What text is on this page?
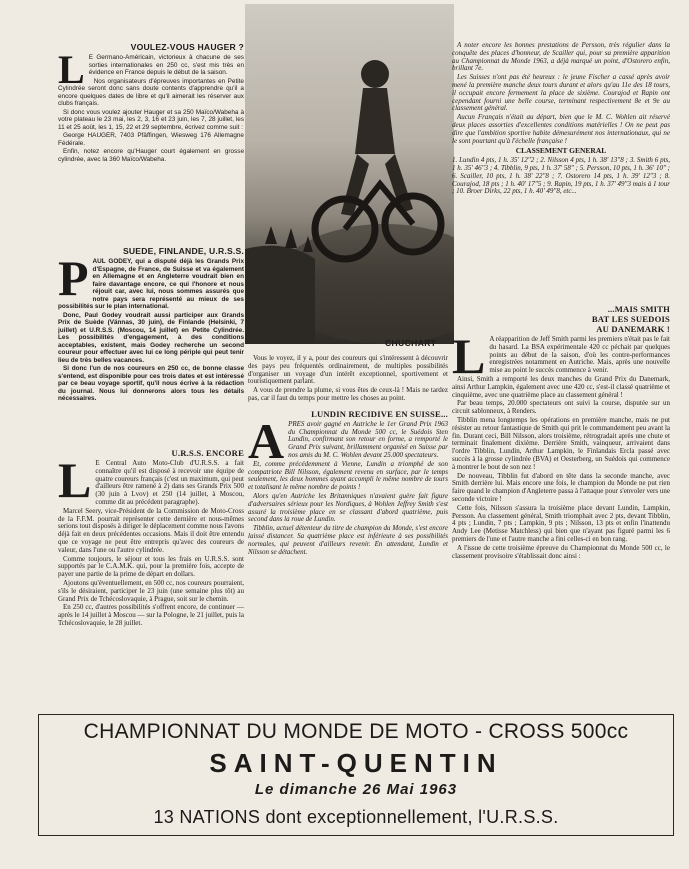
VOULEZ-VOUS HAUGER ?
L E Germano-Américain, victorieux à chacune de ses sorties internationales en 250 cc, s'est mis très en évidence en France depuis le début de la saison.

Nos organisateurs d'épreuves importantes en Petite Cylindrée seront donc sans doute contents d'apprendre qu'il a encore quelques dates de libre et qu'il aimerait les réserver aux clubs français.

Si donc vous voulez ajouter Hauger et sa 250 Maïco/Wabeha à votre plateau le 23 mai, les 2, 3, 16 et 23 juin, les 7, 28 juillet, les 11 et 25 août, les 1, 15, 22 et 29 septembre, écrivez comme suit :

George HAUGER, 7403 Pfäffingen, Wiesweg 176 Allemagne Fédérale.

Enfin, notez encore qu'Hauger court également en grosse cylindrée, avec la 360 Maïco/Wabeha.

SUEDE, FINLANDE, U.R.S.S.
P AUL GODEY, qui a disputé déjà les Grands Prix d'Espagne, de France, de Suisse et va également en Allemagne et en Angleterre voudrait bien en faire davantage encore, ce qui l'honore et nous réjouit car, avec lui, nous sommes assurés que notre pays sera représenté au mieux de ses possibilités sur le plan international.

Donc, Paul Godey voudrait aussi participer aux Grands Prix de Suède (Vännas, 30 juin), de Finlande (Helsinki, 7 juillet) et U.R.S.S. (Moscou, 14 juillet) en Petite Cylindrée. Les possibilités d'engagement, à des conditions acceptables, existent, mais Godey recherche un second coureur pour effectuer avec lui ce long périple qui peut tenir lieu de très belles vacances.

Si donc l'un de nos coureurs en 250 cc, de bonne classe s'entend, est disponible pour ces trois dates et est intéressé par ce beau voyage sportif, qu'il nous écrive à la rédaction du journal. Nous lui donnerons alors tous les détails nécessaires.

U.R.S.S. ENCORE
L E Central Auto Moto-Club d'U.R.S.S. a fait connaître qu'il est disposé à recevoir une équipe de quatre coureurs français (c'est un maximum, qui peut d'ailleurs être ramené à 2) dans ses Grands Prix 500 (30 juin à Lvov) et 250 (14 juillet, à Moscou, comme dit au précédent paragraphe).

Marcel Seery, vice-Président de la Commission de Moto-Cross de la F.F.M. pourrait représenter cette dernière et nous-mêmes serions tout disposés à diriger le déplacement comme nous l'avons déjà fait en deux précédentes occasions. Mais il doit être entendu que ce voyage ne peut être entrepris qu'avec des coureurs de valeur, dans l'une ou l'autre cylindrée.

Comme toujours, le séjour et tous les frais en U.R.S.S. sont supportés par le C.A.M.K. qui, pour la première fois, accepte de payer une partie de la prime de départ en dollars.

Ajoutons qu'éventuellement, en 500 cc, nos coureurs pourraient, s'ils le désiraient, participer le 23 juin (une semaine plus tôt) au Grand Prix de Tchécoslovaquie, à Prague, soit sur le chemin.

En 250 cc, d'autres possibilités s'offrent encore, de continuer — après le 14 juillet à Moscou — sur la Pologne, le 21 juillet, puis la Tchécoslovaquie, le 28 juillet.

CHUCHART

Vous le voyez, il y a, pour des coureurs qui s'intéressent à découvrir des pays peu fréquentés ordinairement, de multiples possibilités d'organiser un voyage d'un intérêt exceptionnel, sportivement et touristiquement parlant.

A vous de prendre la plume, si vous êtes de ceux-là ! Mais ne tardez pas, car il faut du temps pour mettre les choses au point.

LUNDIN RECIDIVE EN SUISSE...
A PRES avoir gagné en Autriche le 1er Grand Prix 1963 du Championnat du Monde 500 cc, le Suédois Sten Lundin, confirmant son retour en forme, a remporté le Grand Prix suivant, brillamment organisé en Suisse par nos amis du M. C. Wohlen devant 25.000 spectateurs.

Et, comme précédemment à Vienne, Lundin a triomphé de son compatriote Bill Nilsson, également revenu en surface, par le temps seulement, les deux hommes ayant accompli le même nombre de tours et totalisant le même nombre de points !

Alors qu'en Autriche les Britanniques n'avaient guère fait figure d'adversaires sérieux pour les Nordiques, à Wohlen Jeffrey Smith s'est assuré la troisième place en se classant d'abord quatrième, puis second dans la roue de Lundin.

Tibblin, actuel détenteur du titre de champion du Monde, s'est encore laissé distancer. Sa quatrième place est inférieure à ses possibilités normales, qui peuvent d'ailleurs revenir. En attendant, Lundin et Nilsson se détachent.

A noter encore les bonnes prestations de Persson, très régulier dans la conquête des places d'honneur, de Scailler qui, pour sa première apparition au Championnat du Monde 1963, a déjà marqué un point, d'Ostorero enfin, brillant 7e.

Les Suisses n'ont pas été heureux : le jeune Fischer a cassé après avoir mené la première manche deux tours durant et alors qu'au 11e des 18 tours, il occupait encore fermement la place de sixième. Courajod et Rapin ont cependant fourni une belle course, terminant respectivement 8e et 9e au classement général.

Aucun Français n'était au départ, bien que le M. C. Wohlen ait réservé deux places assorties d'excellentes conditions matérielles ! On ne peut pas dire que l'ambition sportive habite démesurément nos internationaux, qui ne le sont pourtant qu'à l'échelle française !

CLASSEMENT GENERAL

1. Lundin 4 pts, 1 h. 35' 12"2 ; 2. Nilsson 4 pts, 1 h. 38' 13"8 ; 3. Smith 6 pts, 1 h. 35' 46"3 ; 4. Tibblin, 9 pts, 1 h. 37' 58" ; 5. Persson, 10 pts, 1 h. 36' 10" ; 6. Scailler, 10 pts, 1 h. 38' 22"8 ; 7. Ostorero 14 pts, 1 h. 39' 12"3 ; 8. Courajod, 18 pts ; 1 h. 40' 17"5 ; 9. Rapin, 19 pts, 1 h. 37' 49"3 mais à 1 tour ; 10. Broer Dirks, 22 pts, 1 h. 40' 49"8, etc...

...MAIS SMITH
BAT LES SUEDOIS
AU DANEMARK !
L A réapparition de Jeff Smith parmi les premiers n'était pas le fait du hasard. La BSA expérimentale 420 cc péchait par quelques points au début de la saison, d'où les contre-performances enregistrées notamment en Autriche. Mais, après une nouvelle mise au point le succès commence à venir.

Ainsi, Smith a remporté les deux manches du Grand Prix du Danemark, ainsi Arthur Lampkin, également avec une 420 cc, s'est-il classé quatrième et cinquième, avec une quatrième place au classement général !

Par beau temps, 20.000 spectateurs ont suivi la course, disputée sur un circuit sablonneux, à Renders.

Tibblin mena longtemps les opérations en première manche, mais ne put résister au retour fantastique de Smith qui prit le commandement peu avant la fin. Durant ceci, Bill Nilsson, alors troisième, rétrogradait après une chute et terminait finalement dixième. Derrière Smith, vainqueur, arrivaient dans l'ordre Tibblin, Lundin, Arthur Lampkin, le Finlandais Ercla passé avec succès à la grosse cylindrée (BVA) et Oesterberg, un Suédois qui commence à montrer le bout de son nez !

De nouveau, Tibblin fut d'abord en tête dans la seconde manche, avec Smith derrière lui. Mais encore une fois, le champion du Monde ne put rien faire quand le champion d'Angleterre passa à l'attaque pour s'envoler vers une seconde victoire !

Cette fois, Nilsson s'assura la troisième place devant Lundin, Lampkin, Persson. Au classement général, Smith triomphait avec 2 pts, devant Tibblin, 4 pts ; Lundin, 7 pts ; Lampkin, 9 pts ; Nilsson, 13 pts et enfin l'inattendu Andy Lee (Metisse Matchless) qui bien que n'ayant pas figuré parmi les 6 premiers de l'une et l'autre manche a fini celles-ci en bon rang.

A l'issue de cette troisième épreuve du Championnat du Monde 500 cc, le classement provisoire s'établissait donc ainsi :

CHAMPIONNAT DU MONDE DE MOTO - CROSS 500cc
SAINT-QUENTIN
Le dimanche 26 Mai 1963
13 NATIONS dont exceptionnellement, l'U.R.S.S.
